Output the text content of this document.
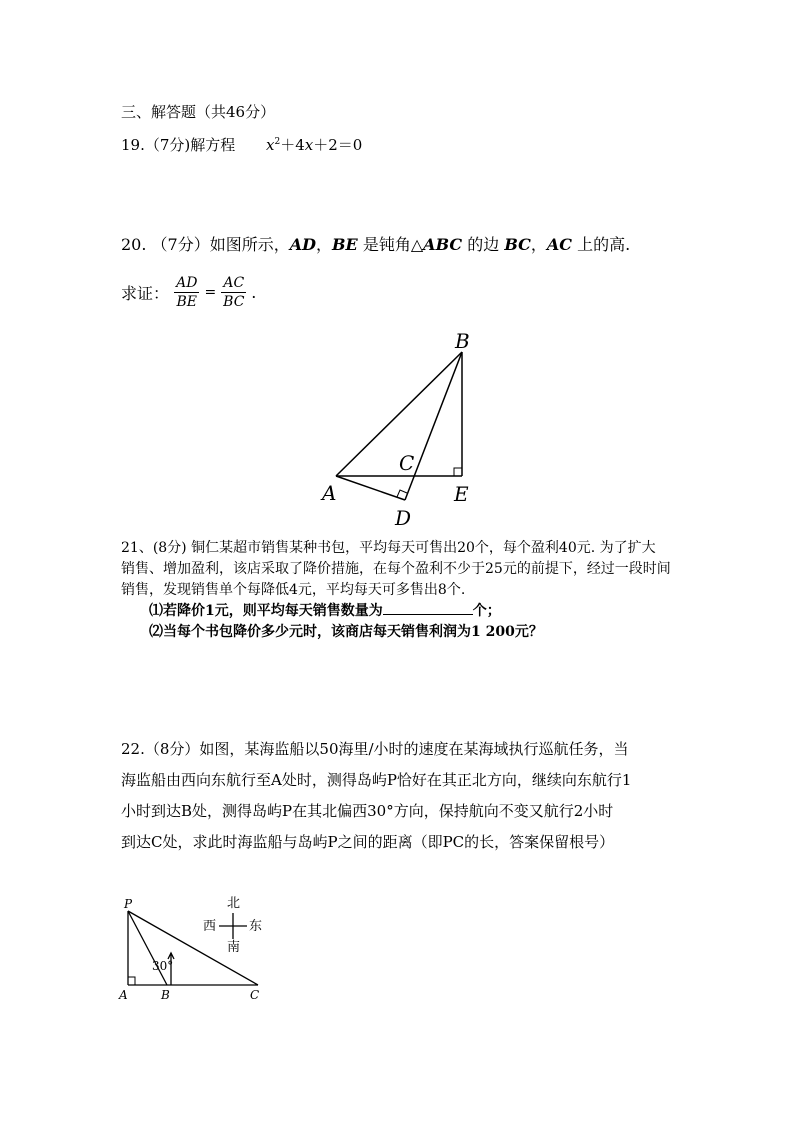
三、解答题（共46分）
19.（7分)解方程 $x^2+4x+2=0$
20. （7分）如图所示，AD，BE 是钝角△ABC 的边 BC，AC 上的高.
求证： $\frac{AD}{BE} = \frac{AC}{BC}$ .
B
C
A	E
D
21、(8分) 铜仁某超市销售某种书包，平均每天可售出20个，每个盈利40元. 为了扩大
销售、增加盈利，该店采取了降价措施，在每个盈利不少于25元的前提下，经过一段时间
销售，发现销售单个每降低4元，平均每天可多售出8个.
⑴若降价1元，则平均每天销售数量为	个；
⑵当每个书包降价多少元时，该商店每天销售利润为1 200元？
22.（8分）如图，某海监船以50海里/小时的速度在某海域执行巡航任务，当
海监船由西向东航行至A处时，测得岛屿P恰好在其正北方向，继续向东航行1
小时到达B处，测得岛屿P在其北偏西30°方向，保持航向不变又航行2小时
到达C处，求此时海监船与岛屿P之间的距离（即PC的长，答案保留根号）
P
A	B	C
30°
北
西	东
南
